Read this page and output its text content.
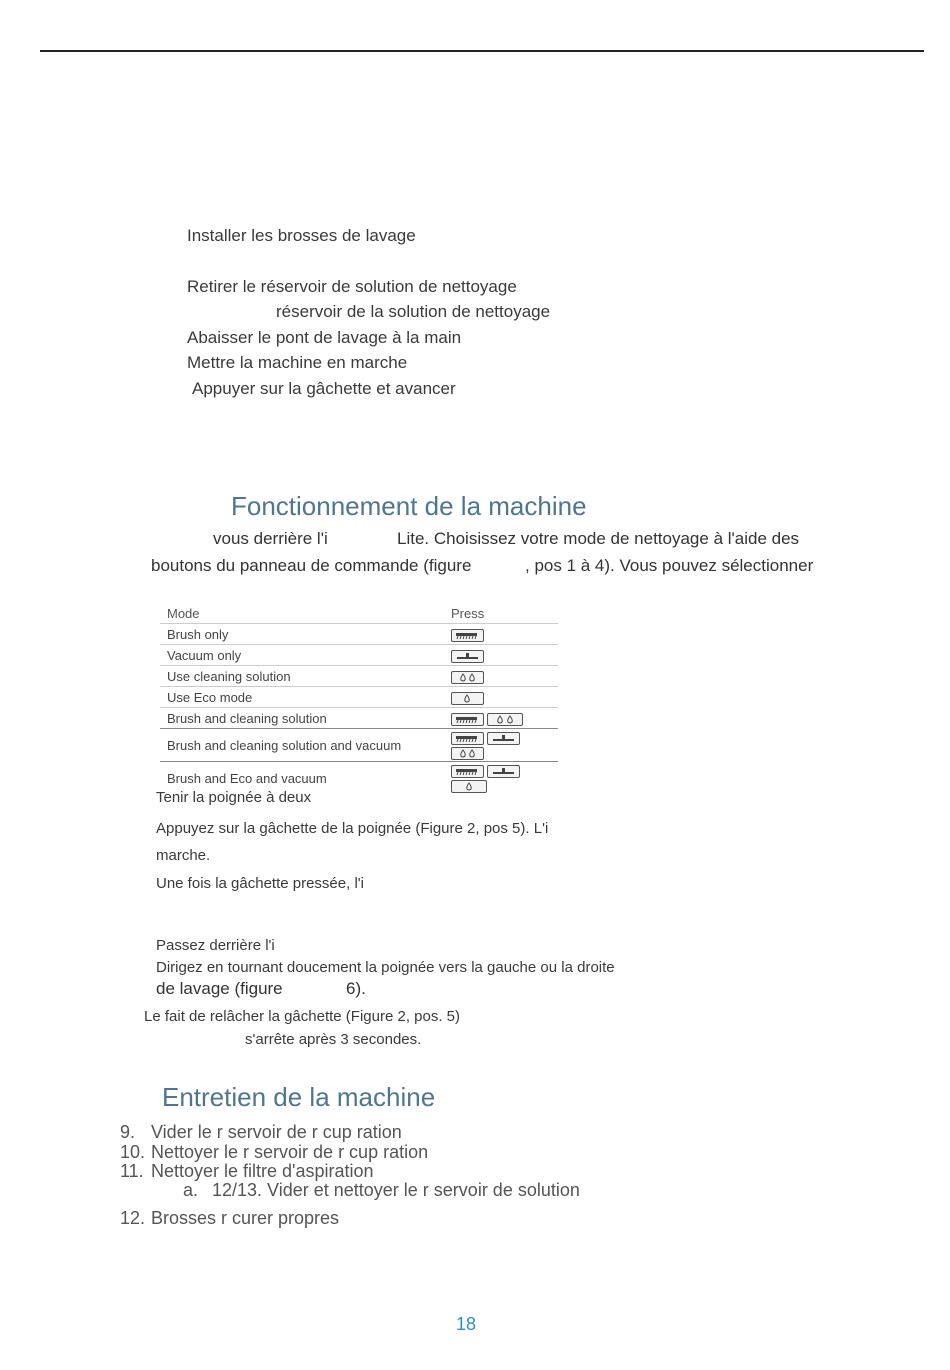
Installer les brosses de lavage
Retirer le réservoir de solution de nettoyage
réservoir de la solution de nettoyage
Abaisser le pont de lavage à la main
Mettre la machine en marche
Appuyer sur la gâchette et avancer
Fonctionnement de la machine
vous derrière l'i	Lite. Choisissez votre mode de nettoyage à l'aide des
boutons du panneau de commande (figure	, pos 1 à 4). Vous pouvez sélectionner
Mode	Press
Brush only	

Vacuum only	

Use cleaning solution	

Use Eco mode	

Brush and cleaning solution	

Brush and cleaning solution and vacuum	

Brush and Eco and vacuum	
Tenir la poignée à deux
Appuyez sur la gâchette de la poignée (Figure 2, pos 5). L'i
marche.
Une fois la gâchette pressée, l'i
Passez derrière l'i
Dirigez en tournant doucement la poignée vers la gauche ou la droite
de lavage (figure	6).
Le fait de relâcher la gâchette (Figure 2, pos. 5)
s'arrête après 3 secondes.
Entretien de la machine
9. Vider le r servoir de r cup ration
10. Nettoyer le r servoir de r cup ration
11. Nettoyer le filtre d'aspiration
a. 12/13. Vider et nettoyer le r servoir de solution
12. Brosses r curer propres
18
